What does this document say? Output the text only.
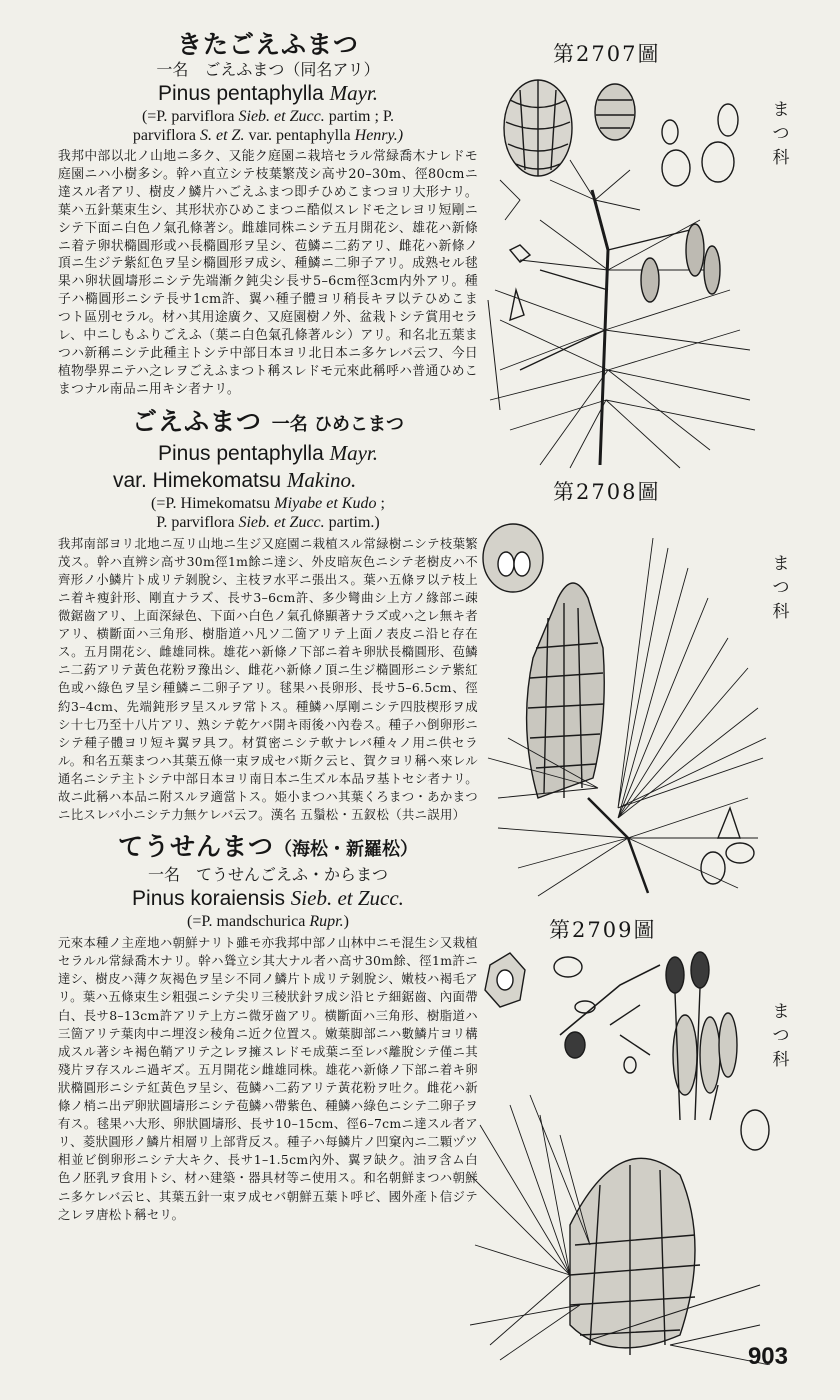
きたごえふまつ
一名　ごえふまつ（同名アリ）
Pinus pentaphylla Mayr.
(=P. parviflora Sieb. et Zucc. partim ; P.
parviflora S. et Z. var. pentaphylla Henry.)
我邦中部以北ノ山地ニ多ク、又能ク庭園ニ栽培セラル常緑喬木ナレドモ庭園ニハ小樹多シ。幹ハ直立シテ枝葉繁茂シ高サ20–30m、徑80cmニ達スル者アリ、樹皮ノ鱗片ハごえふまつ即チひめこまつヨリ大形ナリ。葉ハ五針葉束生シ、其形状亦ひめこまつニ酷似スレドモ之レヨリ短剛ニシテ下面ニ白色ノ氣孔條著シ。雌雄同株ニシテ五月開花シ、雄花ハ新條ニ着テ卵状橢圓形或ハ長橢圓形ヲ呈シ、苞鱗ニ二葯アリ、雌花ハ新條ノ頂ニ生ジテ紫紅色ヲ呈シ橢圓形ヲ成シ、種鱗ニ二卵子アリ。成熟セル毬果ハ卵状圓壔形ニシテ先端漸ク鈍尖シ長サ5–6cm徑3cm内外アリ。種子ハ橢圓形ニシテ長サ1cm許、翼ハ種子體ヨリ稍長キヲ以テひめこまつト區別セラル。材ハ其用途廣ク、又庭園樹ノ外、盆栽トシテ賞用セラレ、中ニしもふりごえふ（葉ニ白色氣孔條著ルシ）アリ。和名北五葉まつハ新稱ニシテ此種主トシテ中部日本ヨリ北日本ニ多ケレバ云フ、今日植物學界ニテハ之レヲごえふまつト稱スレドモ元來此稱呼ハ普通ひめこまつナル南品ニ用キシ者ナリ。
ごえふまつ 一名 ひめこまつ
Pinus pentaphylla Mayr.
var. Himekomatsu Makino.
(=P. Himekomatsu Miyabe et Kudo ;
P. parviflora Sieb. et Zucc. partim.)
我邦南部ヨリ北地ニ亙リ山地ニ生ジ又庭園ニ栽植スル常緑樹ニシテ枝葉繁茂ス。幹ハ直辨シ高サ30m徑1m餘ニ達シ、外皮暗灰色ニシテ老樹皮ハ不齊形ノ小鱗片ト成リテ剝脫シ、主枝ヲ水平ニ張出ス。葉ハ五條ヲ以テ枝上ニ着キ瘦針形、剛直ナラズ、長サ3–6cm許、多少彎曲シ上方ノ緣部ニ疎微鋸齒アリ、上面深緑色、下面ハ白色ノ氣孔條顯著ナラズ或ハ之レ無キ者アリ、横斷面ハ三角形、樹脂道ハ凡ソ二箇アリテ上面ノ表皮ニ沿ヒ存在ス。五月開花シ、雌雄同株。雄花ハ新條ノ下部ニ着キ卵狀長橢圓形、苞鱗ニ二葯アリテ黃色花粉ヲ豫出シ、雌花ハ新條ノ頂ニ生ジ橢圓形ニシテ紫紅色或ハ綠色ヲ呈シ種鱗ニ二卵子アリ。毬果ハ長卵形、長サ5–6.5cm、徑約3–4cm、先端鈍形ヲ呈スルヲ常トス。種鱗ハ厚剛ニシテ四肢楔形ヲ成シ十七乃至十八片アリ、熟シテ乾ケバ開キ雨後ハ內卷ス。種子ハ倒卵形ニシテ種子體ヨリ短キ翼ヲ具フ。材質密ニシテ軟ナレバ種々ノ用ニ供セラル。和名五葉まつハ其葉五條一束ヲ成セバ斯ク云ヒ、賀クヨリ稱ヘ來レル通名ニシテ主トシテ中部日本ヨリ南日本ニ生ズル本品ヲ基トセシ者ナリ。故ニ此稱ハ本品ニ附スルヲ適當トス。姫小まつハ其葉くろまつ・あかまつニ比スレバ小ニシテ力無ケレバ云フ。漢名 五鬚松・五釵松（共ニ誤用）
てうせんまつ（海松・新羅松）
一名　てうせんごえふ・からまつ
Pinus koraiensis Sieb. et Zucc.
(=P. mandschurica Rupr.)
元來本種ノ主産地ハ朝鮮ナリト雖モ亦我邦中部ノ山林中ニモ混生シ又栽植セラルル常緑喬木ナリ。幹ハ聳立シ其大ナル者ハ高サ30m餘、徑1m許ニ達シ、樹皮ハ薄ク灰褐色ヲ呈シ不同ノ鱗片ト成リテ剝脫シ、嫩枝ハ褐毛アリ。葉ハ五條束生シ粗强ニシテ尖リ三稜狀針ヲ成シ沿ヒテ細鋸齒、內面帶白、長サ8–13cm許アリテ上方ニ微牙齒アリ。横斷面ハ三角形、樹脂道ハ三箇アリテ葉肉中ニ埋沒シ稜角ニ近ク位置ス。嫩葉脚部ニハ數鱗片ヨリ構成スル著シキ褐色鞘アリテ之レヲ擁スレドモ成葉ニ至レバ離脫シテ僅ニ其殘片ヲ存スルニ過ギズ。五月開花シ雌雄同株。雄花ハ新條ノ下部ニ着キ卵狀橢圓形ニシテ紅黃色ヲ呈シ、苞鱗ハ二葯アリテ黃花粉ヲ吐ク。雌花ハ新條ノ梢ニ出デ卵狀圓壔形ニシテ苞鱗ハ帶紫色、種鱗ハ綠色ニシテ二卵子ヲ有ス。毬果ハ大形、卵狀圓壔形、長サ10–15cm、徑6–7cmニ達スル者アリ、菱狀圓形ノ鱗片相層リ上部背反ス。種子ハ每鱗片ノ凹窠內ニ二顆ヅツ相並ビ倒卵形ニシテ大キク、長サ1–1.5cm內外、翼ヲ缺ク。油ヲ含ム白色ノ胚乳ヲ食用トシ、材ハ建築・器具材等ニ使用ス。和名朝鮮まつハ朝鮮ニ多ケレバ云ヒ、其葉五針一束ヲ成セバ朝鮮五葉ト呼ビ、國外產ト信ジテ之レヲ唐松ト稱セリ。
第2707圖
まつ科
第2708圖
まつ科
第2709圖
まつ科
903
